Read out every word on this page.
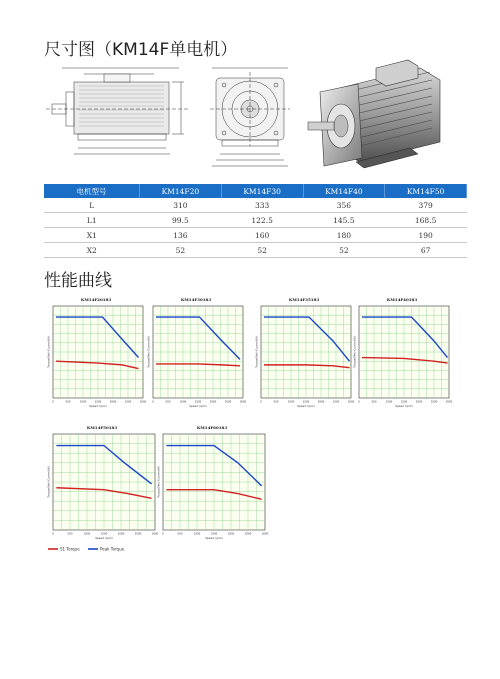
尺寸图（KM14F单电机）
电机型号	KM14F20	KM14F30	KM14F40	KM14F50
L	310	333	356	379
L1	99.5	122.5	145.5	168.5
X1	136	160	180	190
X2	52	52	52	67
性能曲线
0	500	1000	1500	2000	2500	3000
Speed (rpm)
Torque(Nm) Current(A)
KM14F20183
0	500	1000	1500	2000	2500	3000
Speed (rpm)
Torque(Nm) Current(A)
KM14F30183
0	500	1000	1500	2000	2500	3000
Speed (rpm)
Torque(Nm) Current(A)
KM14F35183
0	500	1000	1500	2000	2500	3000
Speed (rpm)
Torque(Nm) Current(A)
KM14F40183
0	500	1000	1500	2000	2500	3000
Speed (rpm)
Torque(Nm) Current(A)
KM14F50183
0	500	1000	1500	2000	2500	3000
Speed (rpm)
Torque(Nm) Current(A)
KM14F60183
S1 Torque	Peak Torque
